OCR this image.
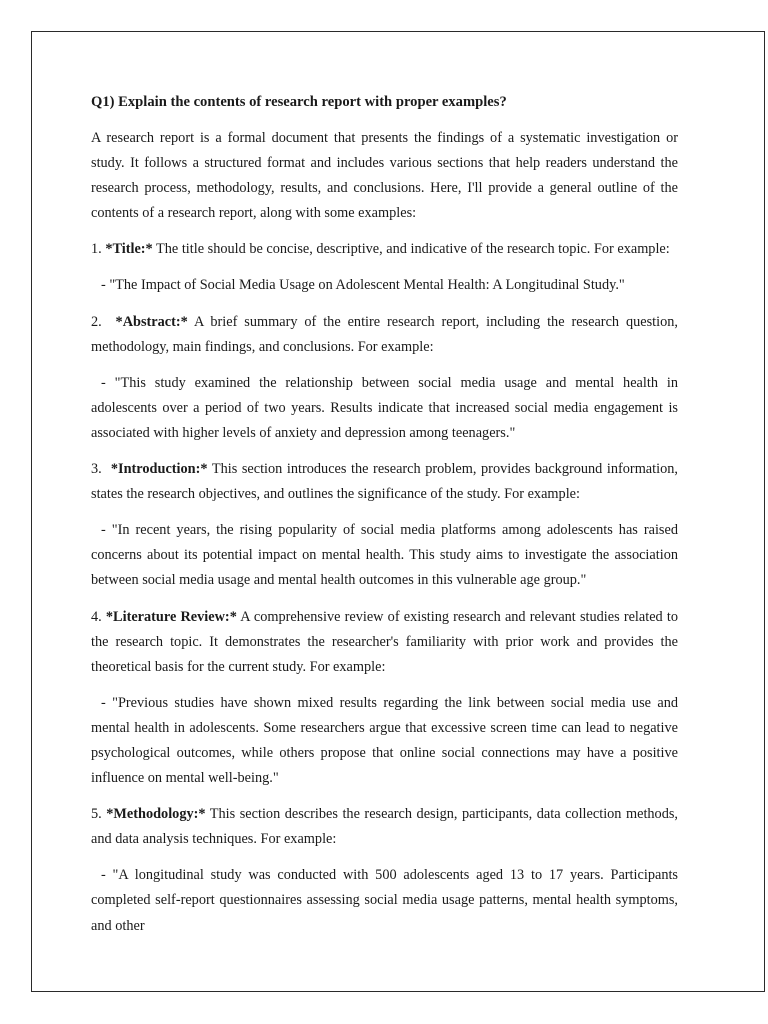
Q1) Explain the contents of research report with proper examples?

A research report is a formal document that presents the findings of a systematic investigation or study. It follows a structured format and includes various sections that help readers understand the research process, methodology, results, and conclusions. Here, I'll provide a general outline of the contents of a research report, along with some examples:

1. *Title:* The title should be concise, descriptive, and indicative of the research topic. For example:

- "The Impact of Social Media Usage on Adolescent Mental Health: A Longitudinal Study."

2. *Abstract:* A brief summary of the entire research report, including the research question, methodology, main findings, and conclusions. For example:

- "This study examined the relationship between social media usage and mental health in adolescents over a period of two years. Results indicate that increased social media engagement is associated with higher levels of anxiety and depression among teenagers."

3. *Introduction:* This section introduces the research problem, provides background information, states the research objectives, and outlines the significance of the study. For example:

- "In recent years, the rising popularity of social media platforms among adolescents has raised concerns about its potential impact on mental health. This study aims to investigate the association between social media usage and mental health outcomes in this vulnerable age group."

4. *Literature Review:* A comprehensive review of existing research and relevant studies related to the research topic. It demonstrates the researcher's familiarity with prior work and provides the theoretical basis for the current study. For example:

- "Previous studies have shown mixed results regarding the link between social media use and mental health in adolescents. Some researchers argue that excessive screen time can lead to negative psychological outcomes, while others propose that online social connections may have a positive influence on mental well-being."

5. *Methodology:* This section describes the research design, participants, data collection methods, and data analysis techniques. For example:

- "A longitudinal study was conducted with 500 adolescents aged 13 to 17 years. Participants completed self-report questionnaires assessing social media usage patterns, mental health symptoms, and other
